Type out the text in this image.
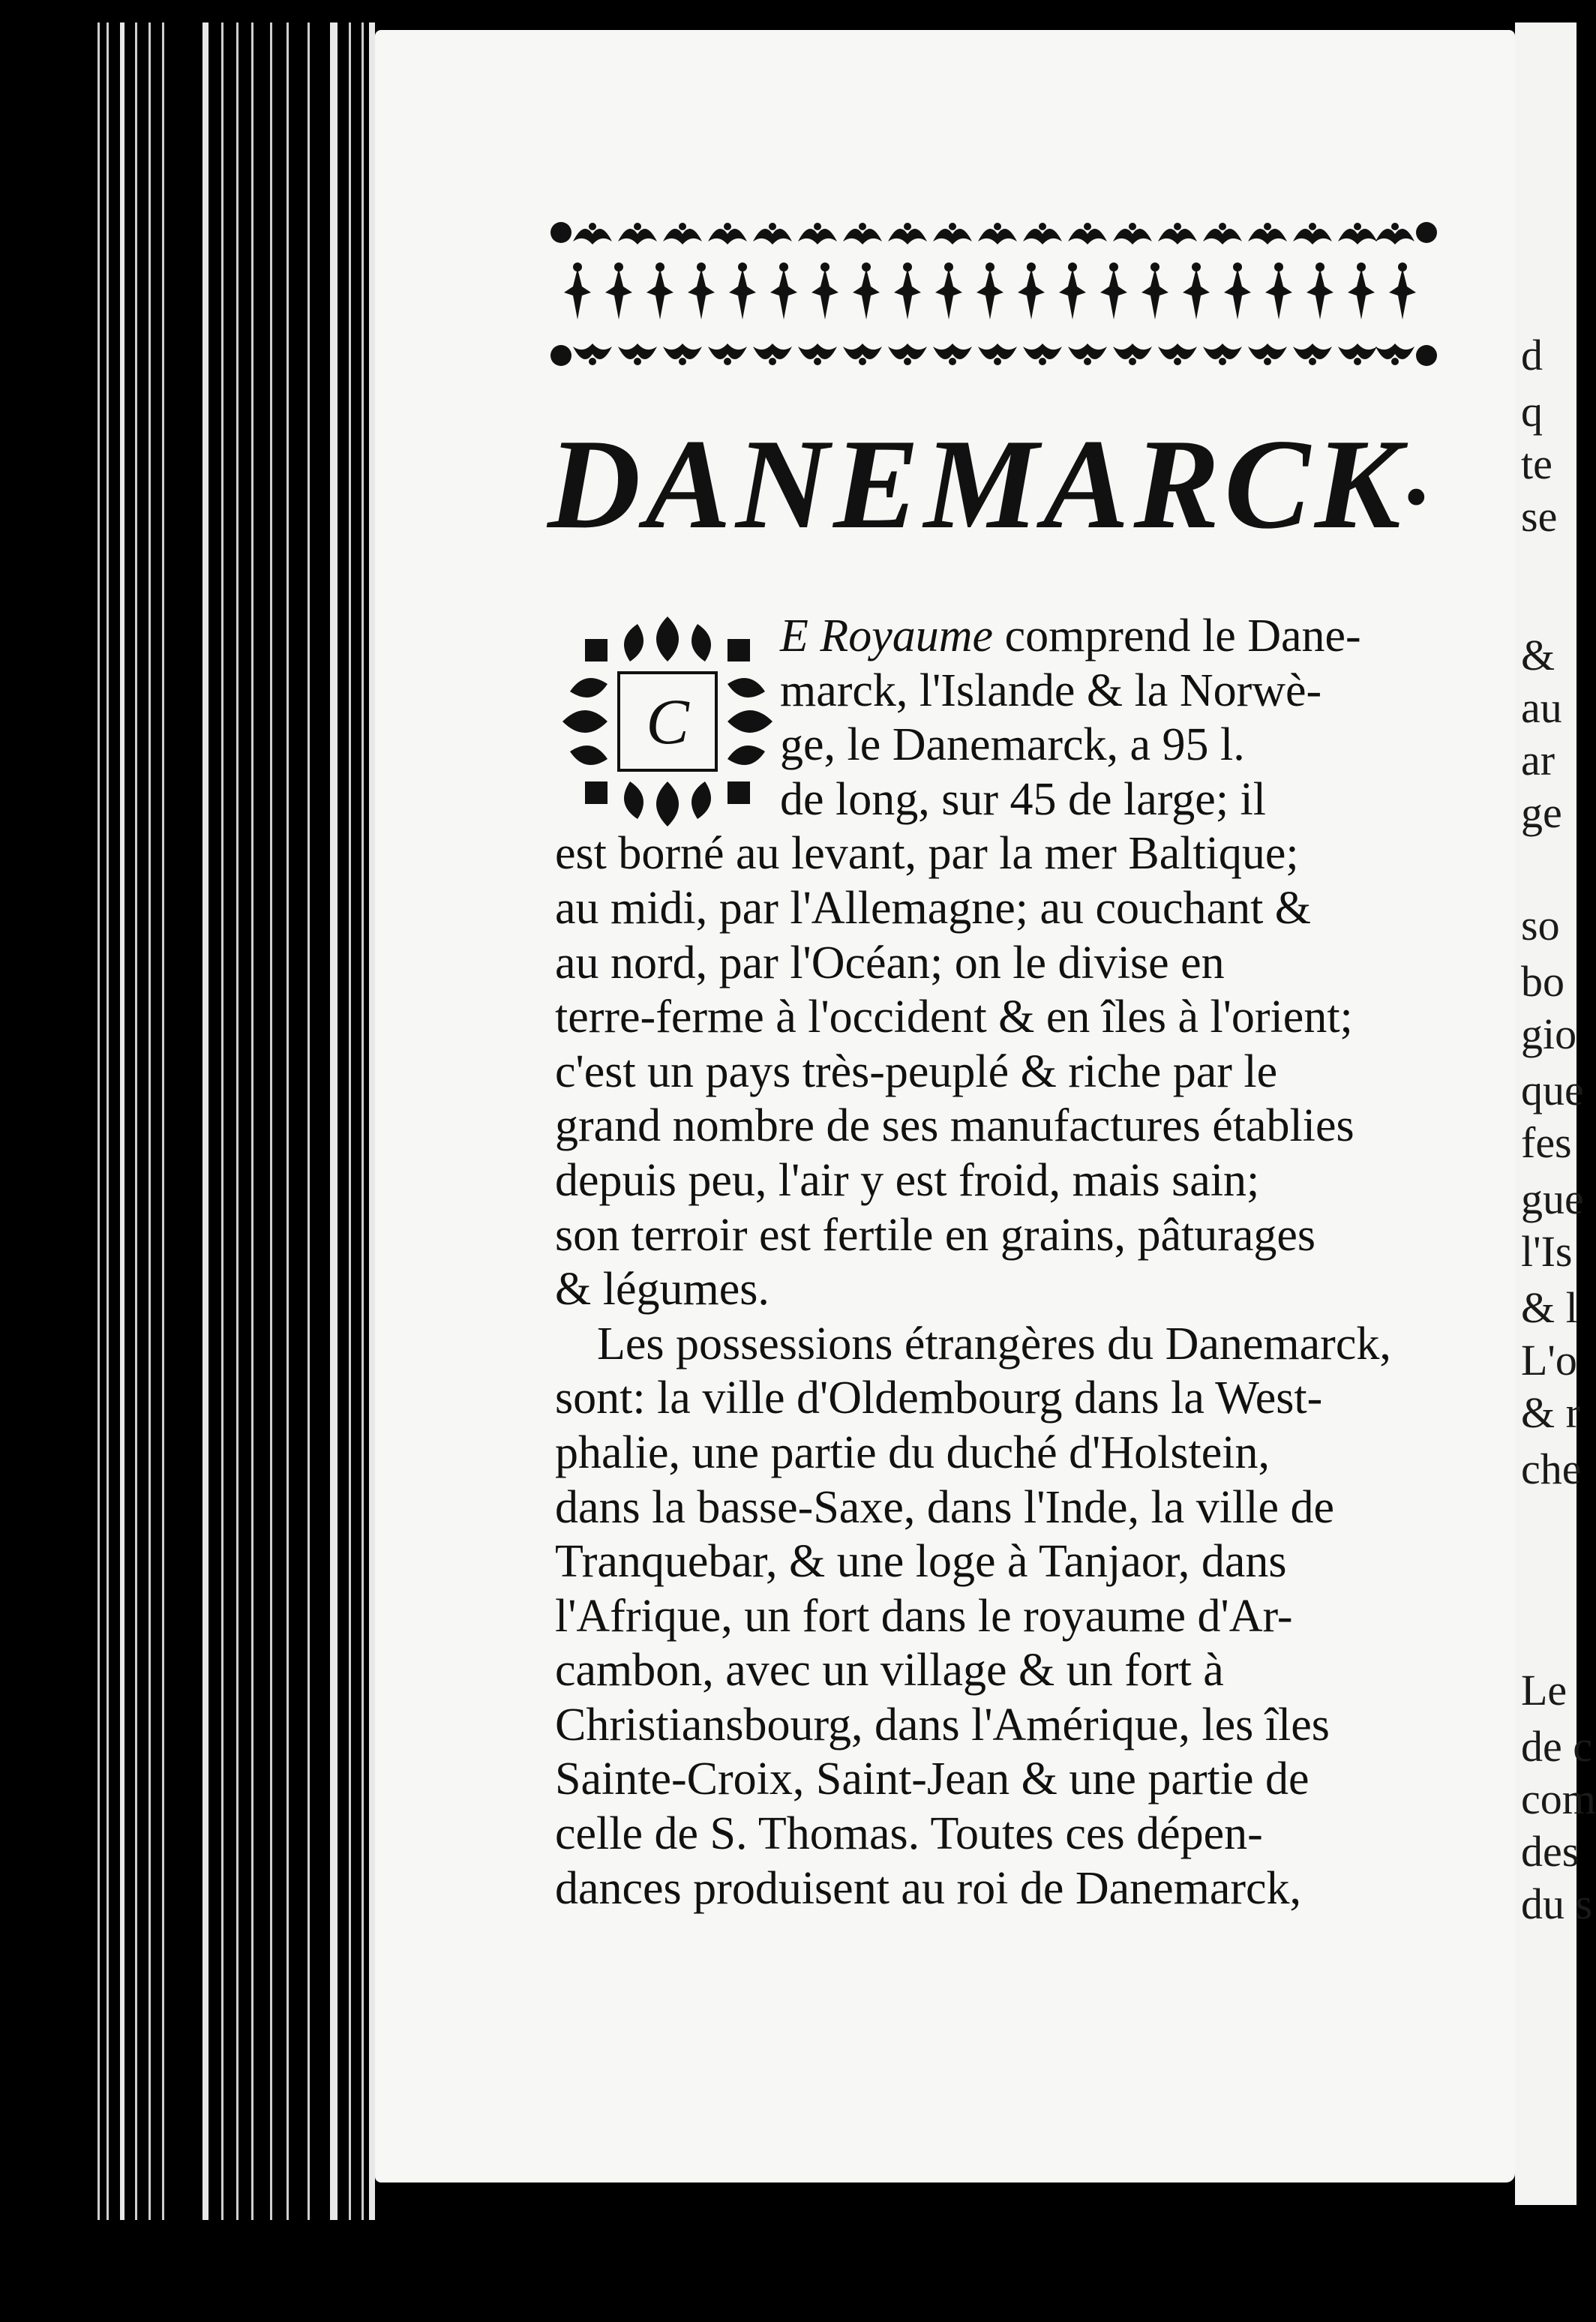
DANEMARCK•
C
E Royaume comprend le Dane-
marck, l'Islande & la Norwè-
ge, le Danemarck, a 95 l.
de long, sur 45 de large; il
est borné au levant, par la mer Baltique;
au midi, par l'Allemagne; au couchant &
au nord, par l'Océan; on le divise en
terre-ferme à l'occident & en îles à l'orient;
c'est un pays très-peuplé & riche par le
grand nombre de ses manufactures établies
depuis peu, l'air y est froid, mais sain;
son terroir est fertile en grains, pâturages
& légumes.
Les possessions étrangères du Danemarck,
sont: la ville d'Oldembourg dans la West-
phalie, une partie du duché d'Holstein,
dans la basse-Saxe, dans l'Inde, la ville de
Tranquebar, & une loge à Tanjaor, dans
l'Afrique, un fort dans le royaume d'Ar-
cambon, avec un village & un fort à
Christiansbourg, dans l'Amérique, les îles
Sainte-Croix, Saint-Jean & une partie de
celle de S. Thomas. Toutes ces dépen-
dances produisent au roi de Danemarck,
d
q
te
se
&
au
ar
ge
so
bo
gio
que
fes
gue
l'Is
& l
L'o
& r
che
Le
de c
com
des
du s
